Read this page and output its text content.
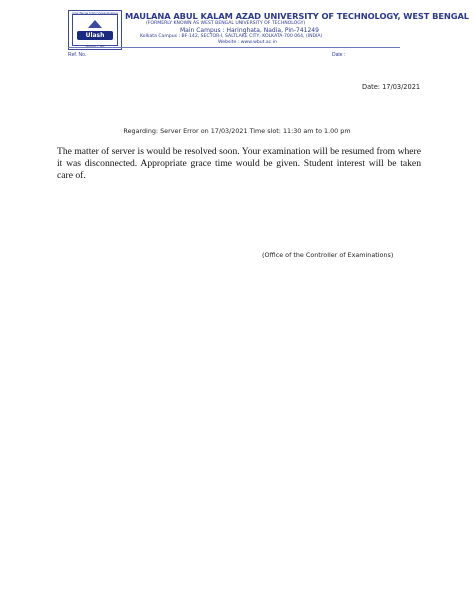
Uttar Banga Krishi Viswavidyalaya
Ulash
MAKAUT, WB
MAULANA ABUL KALAM AZAD UNIVERSITY OF TECHNOLOGY, WEST BENGAL
(FORMERLY KNOWN AS WEST BENGAL UNIVERSITY OF TECHNOLOGY)
Main Campus : Haringhata, Nadia, Pin-741249
Kolkata Campus : BF-142, SECTOR-I, SALTLAKE CITY, KOLKATA-700 064, (INDIA)
Website : www.wbut.ac.in
Ref. No.	Date :
Date: 17/03/2021
Regarding: Server Error on 17/03/2021 Time slot: 11:30 am to 1.00 pm
The matter of server is would be resolved soon. Your examination will be resumed from where it was disconnected. Appropriate grace time would be given. Student interest will be taken care of.
(Office of the Controller of Examinations)
